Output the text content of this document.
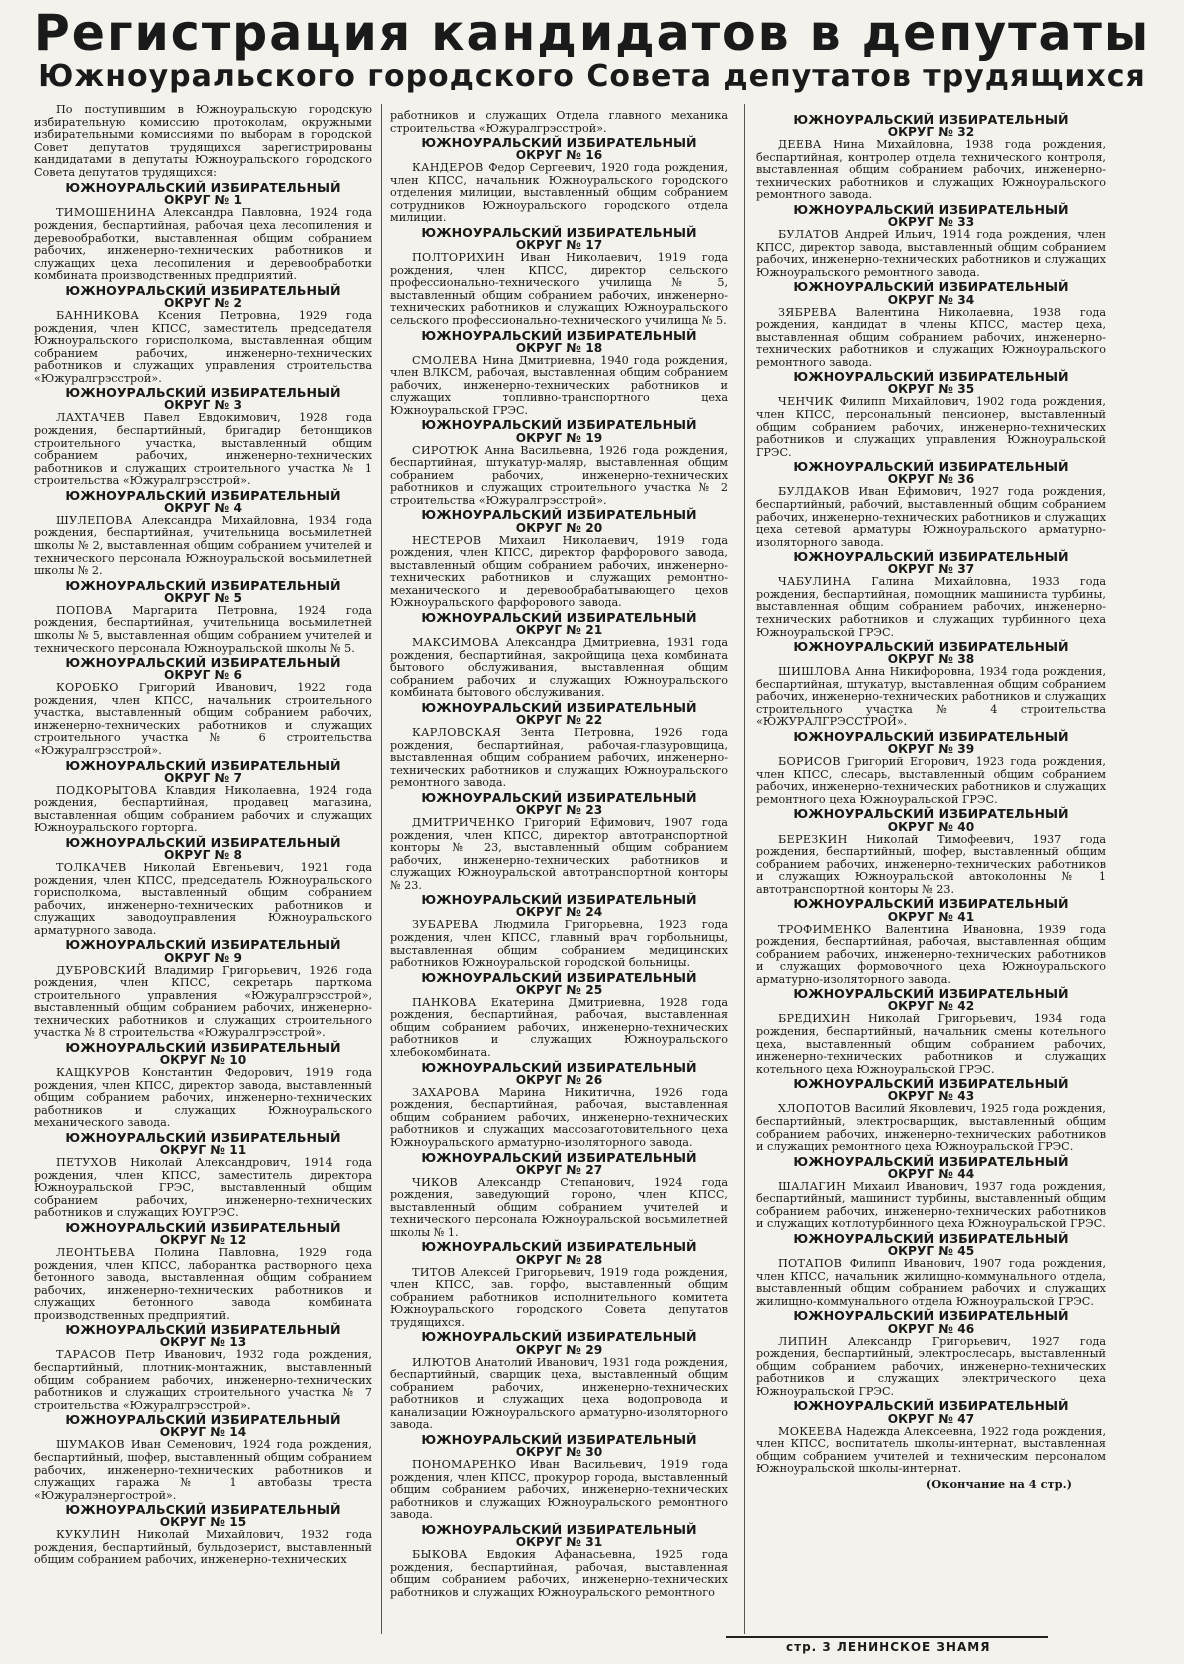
Регистрация кандидатов в депутаты
Южноуральского городского Совета депутатов трудящихся

По поступившим в Южноуральскую городскую избирательную комиссию протоколам, окружными избирательными комиссиями по выборам в городской Совет депутатов трудящихся зарегистрированы кандидатами в депутаты Южноуральского городского Совета депутатов трудящихся:

ЮЖНОУРАЛЬСКИЙ ИЗБИРАТЕЛЬНЫЙ
ОКРУГ № 1

ТИМОШЕНИНА Александра Павловна, 1924 года рождения, беспартийная, рабочая цеха лесопиления и деревообработки, выставленная общим собранием рабочих, инженерно-технических работников и служащих цеха лесопиления и деревообработки комбината производственных предприятий.

ЮЖНОУРАЛЬСКИЙ ИЗБИРАТЕЛЬНЫЙ
ОКРУГ № 2

БАННИКОВА Ксения Петровна, 1929 года рождения, член КПСС, заместитель председателя Южноуральского горисполкома, выставленная общим собранием рабочих, инженерно-технических работников и служащих управления строительства «Южуралгрэсстрой».

ЮЖНОУРАЛЬСКИЙ ИЗБИРАТЕЛЬНЫЙ
ОКРУГ № 3

ЛАХТАЧЕВ Павел Евдокимович, 1928 года рождения, беспартийный, бригадир бетонщиков строительного участка, выставленный общим собранием рабочих, инженерно-технических работников и служащих строительного участка № 1 строительства «Южуралгрэсстрой».

ЮЖНОУРАЛЬСКИЙ ИЗБИРАТЕЛЬНЫЙ
ОКРУГ № 4

ШУЛЕПОВА Александра Михайловна, 1934 года рождения, беспартийная, учительница восьмилетней школы № 2, выставленная общим собранием учителей и технического персонала Южноуральской восьмилетней школы № 2.

ЮЖНОУРАЛЬСКИЙ ИЗБИРАТЕЛЬНЫЙ
ОКРУГ № 5

ПОПОВА Маргарита Петровна, 1924 года рождения, беспартийная, учительница восьмилетней школы № 5, выставленная общим собранием учителей и технического персонала Южноуральской школы № 5.

ЮЖНОУРАЛЬСКИЙ ИЗБИРАТЕЛЬНЫЙ
ОКРУГ № 6

КОРОБКО Григорий Иванович, 1922 года рождения, член КПСС, начальник строительного участка, выставленный общим собранием рабочих, инженерно-технических работников и служащих строительного участка № 6 строительства «Южуралгрэсстрой».

ЮЖНОУРАЛЬСКИЙ ИЗБИРАТЕЛЬНЫЙ
ОКРУГ № 7

ПОДКОРЫТОВА Клавдия Николаевна, 1924 года рождения, беспартийная, продавец магазина, выставленная общим собранием рабочих и служащих Южноуральского горторга.

ЮЖНОУРАЛЬСКИЙ ИЗБИРАТЕЛЬНЫЙ
ОКРУГ № 8

ТОЛКАЧЕВ Николай Евгеньевич, 1921 года рождения, член КПСС, председатель Южноуральского горисполкома, выставленный общим собранием рабочих, инженерно-технических работников и служащих заводоуправления Южноуральского арматурного завода.

ЮЖНОУРАЛЬСКИЙ ИЗБИРАТЕЛЬНЫЙ
ОКРУГ № 9

ДУБРОВСКИЙ Владимир Григорьевич, 1926 года рождения, член КПСС, секретарь парткома строительного управления «Южуралгрэсстрой», выставленный общим собранием рабочих, инженерно-технических работников и служащих строительного участка № 8 строительства «Южуралгрэсстрой».

ЮЖНОУРАЛЬСКИЙ ИЗБИРАТЕЛЬНЫЙ
ОКРУГ № 10

КАЩКУРОВ Константин Федорович, 1919 года рождения, член КПСС, директор завода, выставленный общим собранием рабочих, инженерно-технических работников и служащих Южноуральского механического завода.

ЮЖНОУРАЛЬСКИЙ ИЗБИРАТЕЛЬНЫЙ
ОКРУГ № 11

ПЕТУХОВ Николай Александрович, 1914 года рождения, член КПСС, заместитель директора Южноуральской ГРЭС, выставленный общим собранием рабочих, инженерно-технических работников и служащих ЮУГРЭС.

ЮЖНОУРАЛЬСКИЙ ИЗБИРАТЕЛЬНЫЙ
ОКРУГ № 12

ЛЕОНТЬЕВА Полина Павловна, 1929 года рождения, член КПСС, лаборантка растворного цеха бетонного завода, выставленная общим собранием рабочих, инженерно-технических работников и служащих бетонного завода комбината производственных предприятий.

ЮЖНОУРАЛЬСКИЙ ИЗБИРАТЕЛЬНЫЙ
ОКРУГ № 13

ТАРАСОВ Петр Иванович, 1932 года рождения, беспартийный, плотник-монтажник, выставленный общим собранием рабочих, инженерно-технических работников и служащих строительного участка № 7 строительства «Южуралгрэсстрой».

ЮЖНОУРАЛЬСКИЙ ИЗБИРАТЕЛЬНЫЙ
ОКРУГ № 14

ШУМАКОВ Иван Семенович, 1924 года рождения, беспартийный, шофер, выставленный общим собранием рабочих, инженерно-технических работников и служащих гаража № 1 автобазы треста «Южуралэнергострой».

ЮЖНОУРАЛЬСКИЙ ИЗБИРАТЕЛЬНЫЙ
ОКРУГ № 15

КУКУЛИН Николай Михайлович, 1932 года рождения, беспартийный, бульдозерист, выставленный общим собранием рабочих, инженерно-технических

работников и служащих Отдела главного механика строительства «Южуралгрэсстрой».

ЮЖНОУРАЛЬСКИЙ ИЗБИРАТЕЛЬНЫЙ
ОКРУГ № 16

КАНДЕРОВ Федор Сергеевич, 1920 года рождения, член КПСС, начальник Южноуральского городского отделения милиции, выставленный общим собранием сотрудников Южноуральского городского отдела милиции.

ЮЖНОУРАЛЬСКИЙ ИЗБИРАТЕЛЬНЫЙ
ОКРУГ № 17

ПОЛТОРИХИН Иван Николаевич, 1919 года рождения, член КПСС, директор сельского профессионально-технического училища № 5, выставленный общим собранием рабочих, инженерно-технических работников и служащих Южноуральского сельского профессионально-технического училища № 5.

ЮЖНОУРАЛЬСКИЙ ИЗБИРАТЕЛЬНЫЙ
ОКРУГ № 18

СМОЛЕВА Нина Дмитриевна, 1940 года рождения, член ВЛКСМ, рабочая, выставленная общим собранием рабочих, инженерно-технических работников и служащих топливно-транспортного цеха Южноуральской ГРЭС.

ЮЖНОУРАЛЬСКИЙ ИЗБИРАТЕЛЬНЫЙ
ОКРУГ № 19

СИРОТЮК Анна Васильевна, 1926 года рождения, беспартийная, штукатур-маляр, выставленная общим собранием рабочих, инженерно-технических работников и служащих строительного участка № 2 строительства «Южуралгрэсстрой».

ЮЖНОУРАЛЬСКИЙ ИЗБИРАТЕЛЬНЫЙ
ОКРУГ № 20

НЕСТЕРОВ Михаил Николаевич, 1919 года рождения, член КПСС, директор фарфорового завода, выставленный общим собранием рабочих, инженерно-технических работников и служащих ремонтно-механического и деревообрабатывающего цехов Южноуральского фарфорового завода.

ЮЖНОУРАЛЬСКИЙ ИЗБИРАТЕЛЬНЫЙ
ОКРУГ № 21

МАКСИМОВА Александра Дмитриевна, 1931 года рождения, беспартийная, закройщица цеха комбината бытового обслуживания, выставленная общим собранием рабочих и служащих Южноуральского комбината бытового обслуживания.

ЮЖНОУРАЛЬСКИЙ ИЗБИРАТЕЛЬНЫЙ
ОКРУГ № 22

КАРЛОВСКАЯ Зента Петровна, 1926 года рождения, беспартийная, рабочая-глазуровщица, выставленная общим собранием рабочих, инженерно-технических работников и служащих Южноуральского ремонтного завода.

ЮЖНОУРАЛЬСКИЙ ИЗБИРАТЕЛЬНЫЙ
ОКРУГ № 23

ДМИТРИЧЕНКО Григорий Ефимович, 1907 года рождения, член КПСС, директор автотранспортной конторы № 23, выставленный общим собранием рабочих, инженерно-технических работников и служащих Южноуральской автотранспортной конторы № 23.

ЮЖНОУРАЛЬСКИЙ ИЗБИРАТЕЛЬНЫЙ
ОКРУГ № 24

ЗУБАРЕВА Людмила Григорьевна, 1923 года рождения, член КПСС, главный врач горбольницы, выставленная общим собранием медицинских работников Южноуральской городской больницы.

ЮЖНОУРАЛЬСКИЙ ИЗБИРАТЕЛЬНЫЙ
ОКРУГ № 25

ПАНКОВА Екатерина Дмитриевна, 1928 года рождения, беспартийная, рабочая, выставленная общим собранием рабочих, инженерно-технических работников и служащих Южноуральского хлебокомбината.

ЮЖНОУРАЛЬСКИЙ ИЗБИРАТЕЛЬНЫЙ
ОКРУГ № 26

ЗАХАРОВА Марина Никитична, 1926 года рождения, беспартийная, рабочая, выставленная общим собранием рабочих, инженерно-технических работников и служащих массозаготовительного цеха Южноуральского арматурно-изоляторного завода.

ЮЖНОУРАЛЬСКИЙ ИЗБИРАТЕЛЬНЫЙ
ОКРУГ № 27

ЧИКОВ Александр Степанович, 1924 года рождения, заведующий гороно, член КПСС, выставленный общим собранием учителей и технического персонала Южноуральской восьмилетней школы № 1.

ЮЖНОУРАЛЬСКИЙ ИЗБИРАТЕЛЬНЫЙ
ОКРУГ № 28

ТИТОВ Алексей Григорьевич, 1919 года рождения, член КПСС, зав. горфо, выставленный общим собранием работников исполнительного комитета Южноуральского городского Совета депутатов трудящихся.

ЮЖНОУРАЛЬСКИЙ ИЗБИРАТЕЛЬНЫЙ
ОКРУГ № 29

ИЛЮТОВ Анатолий Иванович, 1931 года рождения, беспартийный, сварщик цеха, выставленный общим собранием рабочих, инженерно-технических работников и служащих цеха водопровода и канализации Южноуральского арматурно-изоляторного завода.

ЮЖНОУРАЛЬСКИЙ ИЗБИРАТЕЛЬНЫЙ
ОКРУГ № 30

ПОНОМАРЕНКО Иван Васильевич, 1919 года рождения, член КПСС, прокурор города, выставленный общим собранием рабочих, инженерно-технических работников и служащих Южноуральского ремонтного завода.

ЮЖНОУРАЛЬСКИЙ ИЗБИРАТЕЛЬНЫЙ
ОКРУГ № 31

БЫКОВА Евдокия Афанасьевна, 1925 года рождения, беспартийная, рабочая, выставленная общим собранием рабочих, инженерно-технических работников и служащих Южноуральского ремонтного

ЮЖНОУРАЛЬСКИЙ ИЗБИРАТЕЛЬНЫЙ
ОКРУГ № 32

ДЕЕВА Нина Михайловна, 1938 года рождения, беспартийная, контролер отдела технического контроля, выставленная общим собранием рабочих, инженерно-технических работников и служащих Южноуральского ремонтного завода.

ЮЖНОУРАЛЬСКИЙ ИЗБИРАТЕЛЬНЫЙ
ОКРУГ № 33

БУЛАТОВ Андрей Ильич, 1914 года рождения, член КПСС, директор завода, выставленный общим собранием рабочих, инженерно-технических работников и служащих Южноуральского ремонтного завода.

ЮЖНОУРАЛЬСКИЙ ИЗБИРАТЕЛЬНЫЙ
ОКРУГ № 34

ЗЯБРЕВА Валентина Николаевна, 1938 года рождения, кандидат в члены КПСС, мастер цеха, выставленная общим собранием рабочих, инженерно-технических работников и служащих Южноуральского ремонтного завода.

ЮЖНОУРАЛЬСКИЙ ИЗБИРАТЕЛЬНЫЙ
ОКРУГ № 35

ЧЕНЧИК Филипп Михайлович, 1902 года рождения, член КПСС, персональный пенсионер, выставленный общим собранием рабочих, инженерно-технических работников и служащих управления Южноуральской ГРЭС.

ЮЖНОУРАЛЬСКИЙ ИЗБИРАТЕЛЬНЫЙ
ОКРУГ № 36

БУЛДАКОВ Иван Ефимович, 1927 года рождения, беспартийный, рабочий, выставленный общим собранием рабочих, инженерно-технических работников и служащих цеха сетевой арматуры Южноуральского арматурно-изоляторного завода.

ЮЖНОУРАЛЬСКИЙ ИЗБИРАТЕЛЬНЫЙ
ОКРУГ № 37

ЧАБУЛИНА Галина Михайловна, 1933 года рождения, беспартийная, помощник машиниста турбины, выставленная общим собранием рабочих, инженерно-технических работников и служащих турбинного цеха Южноуральской ГРЭС.

ЮЖНОУРАЛЬСКИЙ ИЗБИРАТЕЛЬНЫЙ
ОКРУГ № 38

ШИШЛОВА Анна Никифоровна, 1934 года рождения, беспартийная, штукатур, выставленная общим собранием рабочих, инженерно-технических работников и служащих строительного участка № 4 строительства «ЮЖУРАЛГРЭССТРОЙ».

ЮЖНОУРАЛЬСКИЙ ИЗБИРАТЕЛЬНЫЙ
ОКРУГ № 39

БОРИСОВ Григорий Егорович, 1923 года рождения, член КПСС, слесарь, выставленный общим собранием рабочих, инженерно-технических работников и служащих ремонтного цеха Южноуральской ГРЭС.

ЮЖНОУРАЛЬСКИЙ ИЗБИРАТЕЛЬНЫЙ
ОКРУГ № 40

БЕРЕЗКИН Николай Тимофеевич, 1937 года рождения, беспартийный, шофер, выставленный общим собранием рабочих, инженерно-технических работников и служащих Южноуральской автоколонны № 1 автотранспортной конторы № 23.

ЮЖНОУРАЛЬСКИЙ ИЗБИРАТЕЛЬНЫЙ
ОКРУГ № 41

ТРОФИМЕНКО Валентина Ивановна, 1939 года рождения, беспартийная, рабочая, выставленная общим собранием рабочих, инженерно-технических работников и служащих формовочного цеха Южноуральского арматурно-изоляторного завода.

ЮЖНОУРАЛЬСКИЙ ИЗБИРАТЕЛЬНЫЙ
ОКРУГ № 42

БРЕДИХИН Николай Григорьевич, 1934 года рождения, беспартийный, начальник смены котельного цеха, выставленный общим собранием рабочих, инженерно-технических работников и служащих котельного цеха Южноуральской ГРЭС.

ЮЖНОУРАЛЬСКИЙ ИЗБИРАТЕЛЬНЫЙ
ОКРУГ № 43

ХЛОПОТОВ Василий Яковлевич, 1925 года рождения, беспартийный, электросварщик, выставленный общим собранием рабочих, инженерно-технических работников и служащих ремонтного цеха Южноуральской ГРЭС.

ЮЖНОУРАЛЬСКИЙ ИЗБИРАТЕЛЬНЫЙ
ОКРУГ № 44

ШАЛАГИН Михаил Иванович, 1937 года рождения, беспартийный, машинист турбины, выставленный общим собранием рабочих, инженерно-технических работников и служащих котлотурбинного цеха Южноуральской ГРЭС.

ЮЖНОУРАЛЬСКИЙ ИЗБИРАТЕЛЬНЫЙ
ОКРУГ № 45

ПОТАПОВ Филипп Иванович, 1907 года рождения, член КПСС, начальник жилищно-коммунального отдела, выставленный общим собранием рабочих и служащих жилищно-коммунального отдела Южноуральской ГРЭС.

ЮЖНОУРАЛЬСКИЙ ИЗБИРАТЕЛЬНЫЙ
ОКРУГ № 46

ЛИПИН Александр Григорьевич, 1927 года рождения, беспартийный, электрослесарь, выставленный общим собранием рабочих, инженерно-технических работников и служащих электрического цеха Южноуральской ГРЭС.

ЮЖНОУРАЛЬСКИЙ ИЗБИРАТЕЛЬНЫЙ
ОКРУГ № 47

МОКЕЕВА Надежда Алексеевна, 1922 года рождения, член КПСС, воспитатель школы-интернат, выставленная общим собранием учителей и техническим персоналом Южноуральской школы-интернат.

(Окончание на 4 стр.)
стр. 3 ЛЕНИНСКОЕ ЗНАМЯ
